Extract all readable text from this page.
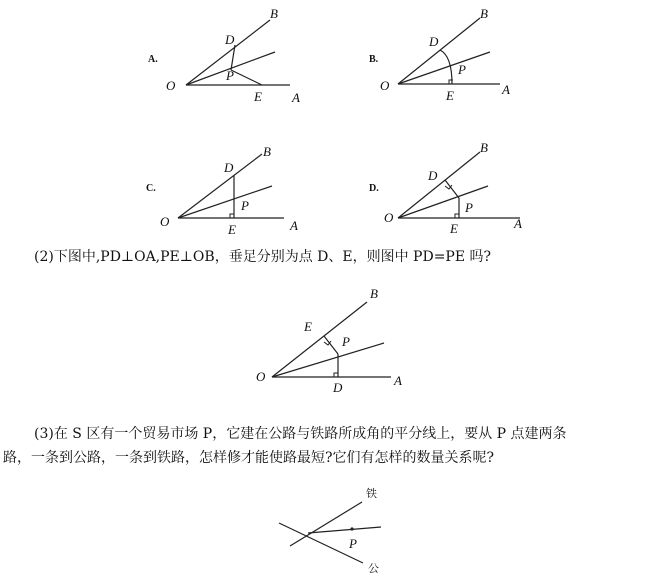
A.
O
A
B
D
E
P
B.
O	A
B
D
E
P
C.
O	A
B
D
E
P
D.
O	A
B
D
E
P
O	A
B
D
E
P
铁
公
P
(2)下图中,PD⊥OA,PE⊥OB，垂足分别为点 D、E，则图中 PD=PE 吗?
(3)在 S 区有一个贸易市场 P，它建在公路与铁路所成角的平分线上，要从 P 点建两条
路，一条到公路，一条到铁路，怎样修才能使路最短?它们有怎样的数量关系呢?
